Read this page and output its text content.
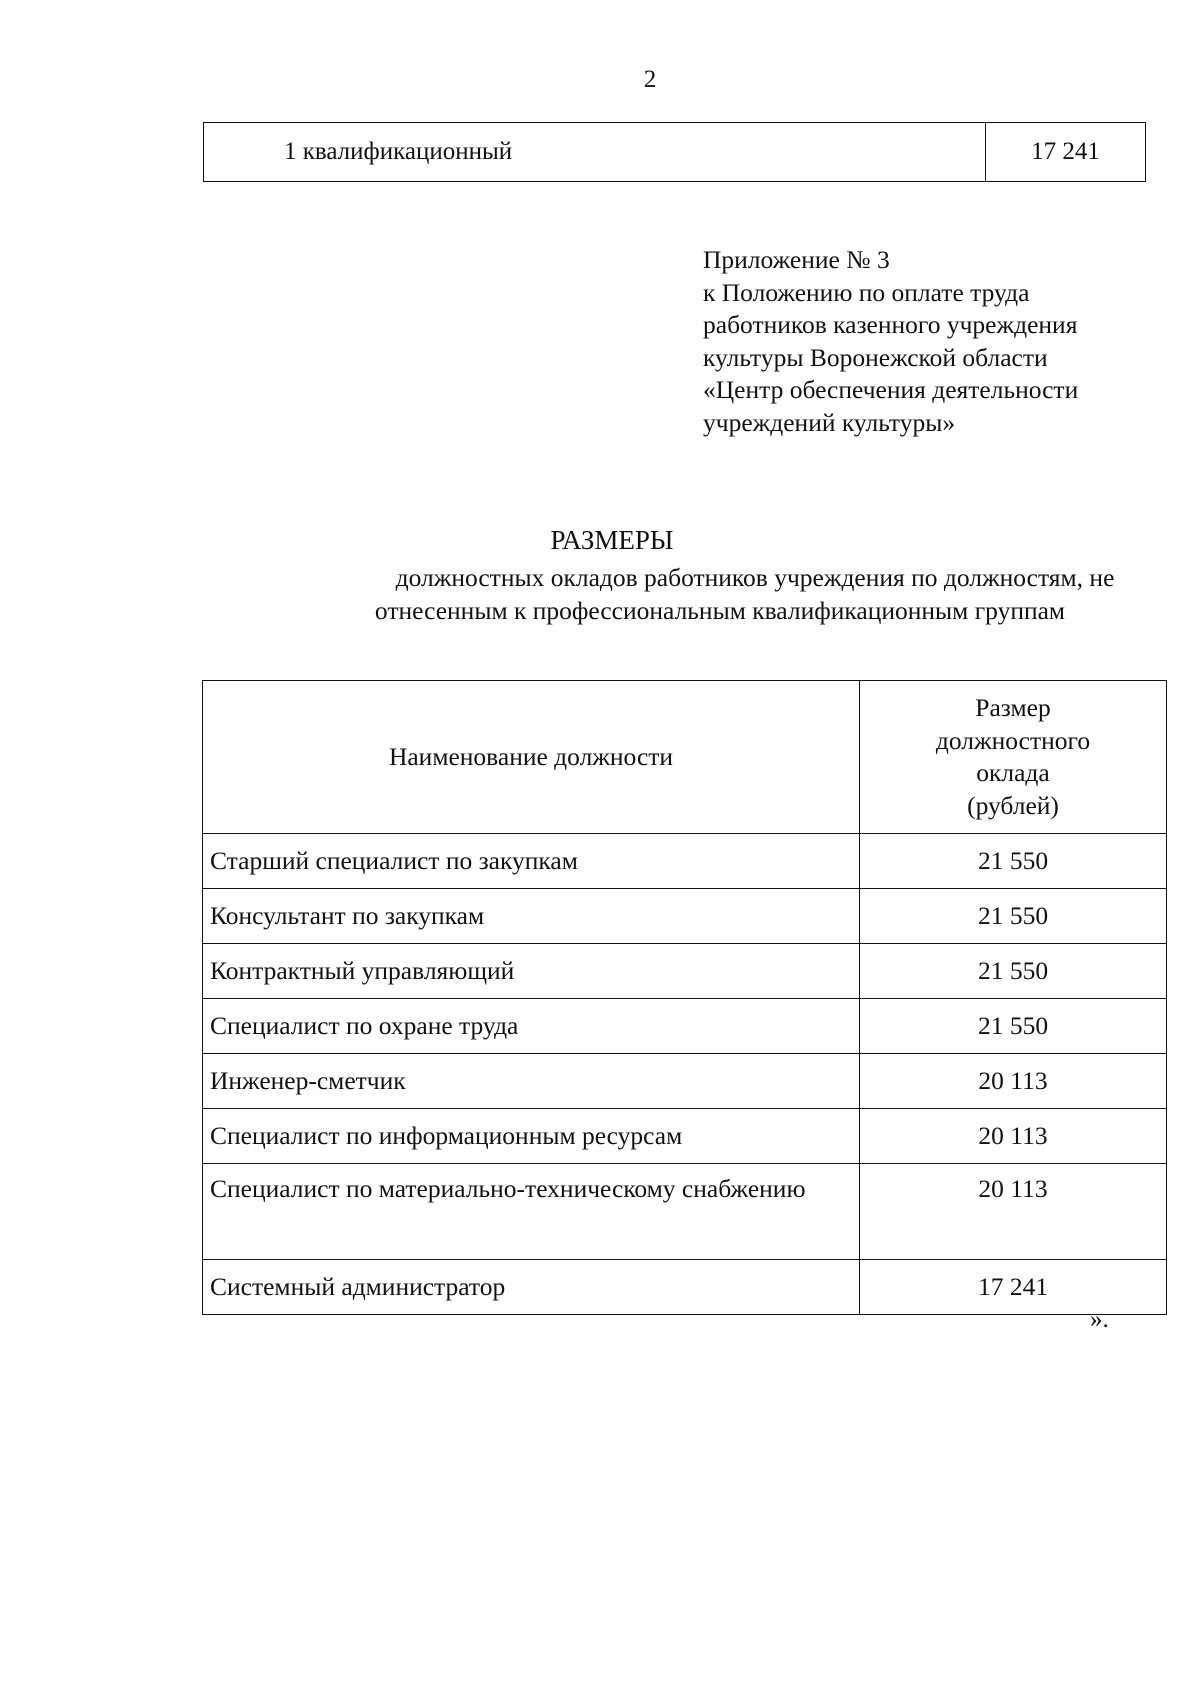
2
1 квалификационный	17 241
Приложение № 3
к Положению по оплате труда
работников казенного учреждения
культуры Воронежской области
«Центр обеспечения деятельности
учреждений культуры»
РАЗМЕРЫ
должностных окладов работников учреждения по должностям, не
отнесенным к профессиональным квалификационным группам
Наименование должности	Размер
должностного
оклада
(рублей)

Старший специалист по закупкам	21 550
Консультант по закупкам	21 550
Контрактный управляющий	21 550
Специалист по охране труда	21 550
Инженер-сметчик	20 113
Специалист по информационным ресурсам	20 113
Специалист по материально-техническому снабжению	20 113
Системный администратор	17 241
».
